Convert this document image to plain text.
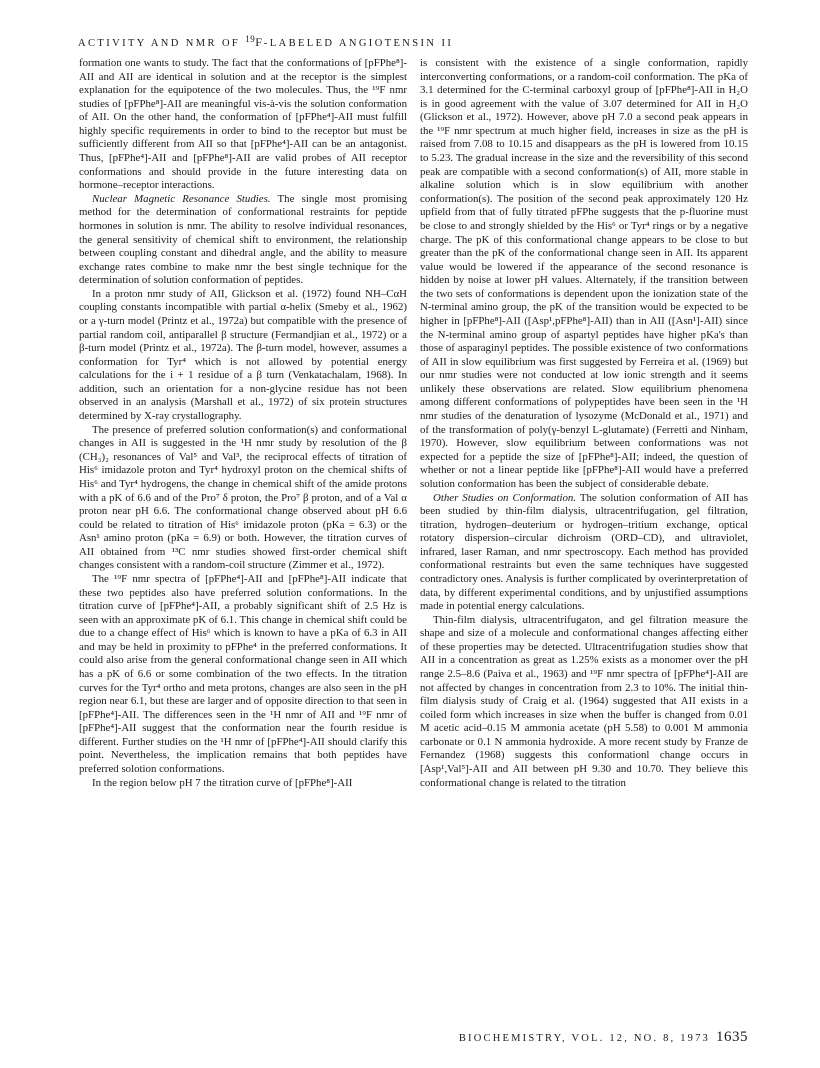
ACTIVITY AND NMR OF 19F-LABELED ANGIOTENSIN II

formation one wants to study. The fact that the conformations of [pFPhe⁸]-AII and AII are identical in solution and at the receptor is the simplest explanation for the equipotence of the two molecules. Thus, the ¹⁹F nmr studies of [pFPhe⁸]-AII are meaningful vis-à-vis the solution conformation of AII. On the other hand, the conformation of [pFPhe⁴]-AII must fulfill highly specific requirements in order to bind to the receptor but must be sufficiently different from AII so that [pFPhe⁴]-AII can be an antagonist. Thus, [pFPhe⁴]-AII and [pFPhe⁸]-AII are valid probes of AII receptor conformations and should provide in the future interesting data on hormone–receptor interactions.

Nuclear Magnetic Resonance Studies. The single most promising method for the determination of conformational restraints for peptide hormones in solution is nmr. The ability to resolve individual resonances, the general sensitivity of chemical shift to environment, the relationship between coupling constant and dihedral angle, and the ability to measure exchange rates combine to make nmr the best single technique for the determination of solution conformation of peptides.

In a proton nmr study of AII, Glickson et al. (1972) found NH–CαH coupling constants incompatible with partial α-helix (Smeby et al., 1962) or a γ-turn model (Printz et al., 1972a) but compatible with the presence of partial random coil, antiparallel β structure (Fermandjian et al., 1972) or a β-turn model (Printz et al., 1972a). The β-turn model, however, assumes a conformation for Tyr⁴ which is not allowed by potential energy calculations for the i + 1 residue of a β turn (Venkatachalam, 1968). In addition, such an orientation for a non-glycine residue has not been observed in an analysis (Marshall et al., 1972) of six protein structures determined by X-ray crystallography.

The presence of preferred solution conformation(s) and conformational changes in AII is suggested in the ¹H nmr study by resolution of the β (CH₃)₂ resonances of Val⁵ and Val³, the reciprocal effects of titration of His⁶ imidazole proton and Tyr⁴ hydroxyl proton on the chemical shifts of His⁶ and Tyr⁴ hydrogens, the change in chemical shift of the amide protons with a pK of 6.6 and of the Pro⁷ δ proton, the Pro⁷ β proton, and of a Val α proton near pH 6.6. The conformational change observed about pH 6.6 could be related to titration of His⁶ imidazole proton (pKa = 6.3) or the Asn¹ amino proton (pKa = 6.9) or both. However, the titration curves of AII obtained from ¹³C nmr studies showed first-order chemical shift changes consistent with a random-coil structure (Zimmer et al., 1972).

The ¹⁹F nmr spectra of [pFPhe⁴]-AII and [pFPhe⁸]-AII indicate that these two peptides also have preferred solution conformations. In the titration curve of [pFPhe⁴]-AII, a probably significant shift of 2.5 Hz is seen with an approximate pK of 6.1. This change in chemical shift could be due to a change effect of His⁶ which is known to have a pKa of 6.3 in AII and may be held in proximity to pFPhe⁴ in the preferred conformations. It could also arise from the general conformational change seen in AII which has a pK of 6.6 or some combination of the two effects. In the titration curves for the Tyr⁴ ortho and meta protons, changes are also seen in the pH region near 6.1, but these are larger and of opposite direction to that seen in [pFPhe⁴]-AII. The differences seen in the ¹H nmr of AII and ¹⁹F nmr of [pFPhe⁴]-AII suggest that the conformation near the fourth residue is different. Further studies on the ¹H nmr of [pFPhe⁴]-AII should clarify this point. Nevertheless, the implication remains that both peptides have preferred solotion conformations.

In the region below pH 7 the titration curve of [pFPhe⁸]-AII

is consistent with the existence of a single conformation, rapidly interconverting conformations, or a random-coil conformation. The pKa of 3.1 determined for the C-terminal carboxyl group of [pFPhe⁸]-AII in H₂O is in good agreement with the value of 3.07 determined for AII in H₂O (Glickson et al., 1972). However, above pH 7.0 a second peak appears in the ¹⁹F nmr spectrum at much higher field, increases in size as the pH is raised from 7.08 to 10.15 and disappears as the pH is lowered from 10.15 to 5.23. The gradual increase in the size and the reversibility of this second peak are compatible with a second conformation(s) of AII, more stable in alkaline solution which is in slow equilibrium with another conformation(s). The position of the second peak approximately 120 Hz upfield from that of fully titrated pFPhe suggests that the p-fluorine must be close to and strongly shielded by the His⁶ or Tyr⁴ rings or by a negative charge. The pK of this conformational change appears to be close to but greater than the pK of the conformational change seen in AII. Its apparent value would be lowered if the appearance of the second resonance is hidden by noise at lower pH values. Alternately, if the transition between the two sets of conformations is dependent upon the ionization state of the N-terminal amino group, the pK of the transition would be expected to be higher in [pFPhe⁸]-AII ([Asp¹,pFPhe⁸]-AII) than in AII ([Asn¹]-AII) since the N-terminal amino group of aspartyl peptides have higher pKa's than those of asparaginyl peptides. The possible existence of two conformations of AII in slow equilibrium was first suggested by Ferreira et al. (1969) but our nmr studies were not conducted at low ionic strength and it seems unlikely these observations are related. Slow equilibrium phenomena among different conformations of polypeptides have been seen in the ¹H nmr studies of the denaturation of lysozyme (McDonald et al., 1971) and of the transformation of poly(γ-benzyl L-glutamate) (Ferretti and Ninham, 1970). However, slow equilibrium between conformations was not expected for a peptide the size of [pFPhe⁸]-AII; indeed, the question of whether or not a linear peptide like [pFPhe⁸]-AII would have a preferred solution conformation has been the subject of considerable debate.

Other Studies on Conformation. The solution conformation of AII has been studied by thin-film dialysis, ultracentrifugation, gel filtration, titration, hydrogen–deuterium or hydrogen–tritium exchange, optical rotatory dispersion–circular dichroism (ORD–CD), and ultraviolet, infrared, laser Raman, and nmr spectroscopy. Each method has provided conformational restraints but even the same techniques have suggested contradictory ones. Analysis is further complicated by overinterpretation of data, by different experimental conditions, and by unjustified assumptions made in potential energy calculations.

Thin-film dialysis, ultracentrifugaton, and gel filtration measure the shape and size of a molecule and conformational changes affecting either of these properties may be detected. Ultracentrifugation studies show that AII in a concentration as great as 1.25% exists as a monomer over the pH range 2.5–8.6 (Paiva et al., 1963) and ¹⁹F nmr spectra of [pFPhe⁴]-AII are not affected by changes in concentration from 2.3 to 10%. The initial thin-film dialysis study of Craig et al. (1964) suggested that AII exists in a coiled form which increases in size when the buffer is changed from 0.01 M acetic acid–0.15 M ammonia acetate (pH 5.58) to 0.001 M ammonia carbonate or 0.1 N ammonia hydroxide. A more recent study by Franze de Fernandez (1968) suggests this conformationl change occurs in [Asp¹,Val⁵]-AII and AII between pH 9.30 and 10.70. They believe this conformational change is related to the titration

BIOCHEMISTRY, VOL. 12, NO. 8, 1973 1635
